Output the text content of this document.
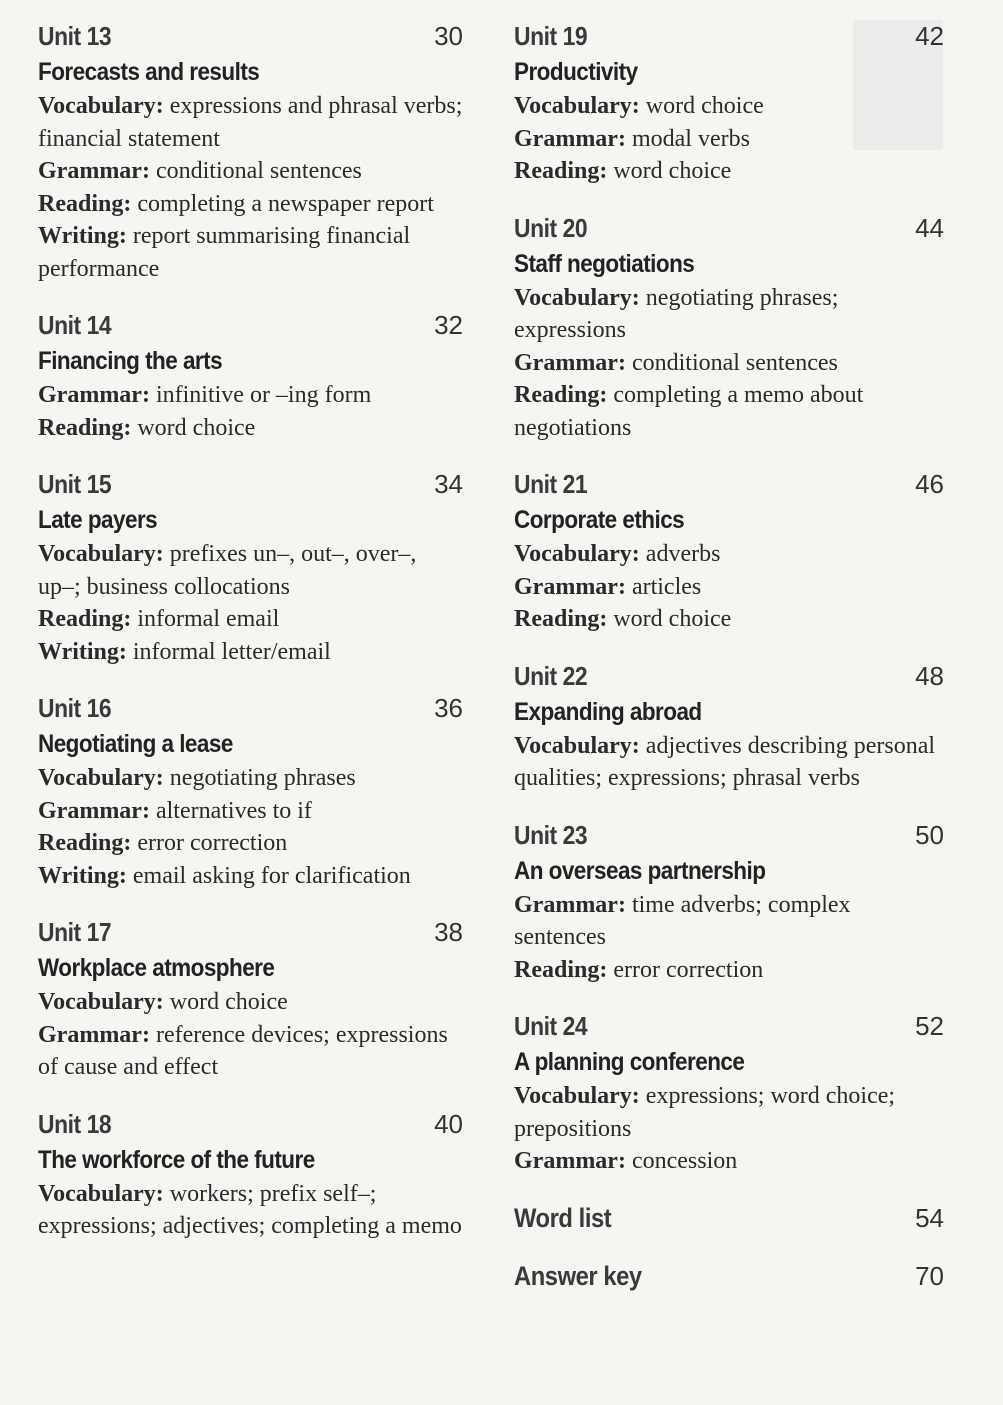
Unit 13	30
Forecasts and results
Vocabulary: expressions and phrasal verbs; financial statement
Grammar: conditional sentences
Reading: completing a newspaper report
Writing: report summarising financial performance
Unit 14	32
Financing the arts
Grammar: infinitive or –ing form
Reading: word choice
Unit 15	34
Late payers
Vocabulary: prefixes un–, out–, over–, up–; business collocations
Reading: informal email
Writing: informal letter/email
Unit 16	36
Negotiating a lease
Vocabulary: negotiating phrases
Grammar: alternatives to if
Reading: error correction
Writing: email asking for clarification
Unit 17	38
Workplace atmosphere
Vocabulary: word choice
Grammar: reference devices; expressions of cause and effect
Unit 18	40
The workforce of the future
Vocabulary: workers; prefix self–; expressions; adjectives; completing a memo
Unit 19	42
Productivity
Vocabulary: word choice
Grammar: modal verbs
Reading: word choice
Unit 20	44
Staff negotiations
Vocabulary: negotiating phrases; expressions
Grammar: conditional sentences
Reading: completing a memo about negotiations
Unit 21	46
Corporate ethics
Vocabulary: adverbs
Grammar: articles
Reading: word choice
Unit 22	48
Expanding abroad
Vocabulary: adjectives describing personal qualities; expressions; phrasal verbs
Unit 23	50
An overseas partnership
Grammar: time adverbs; complex sentences
Reading: error correction
Unit 24	52
A planning conference
Vocabulary: expressions; word choice; prepositions
Grammar: concession
Word list	54
Answer key	70
